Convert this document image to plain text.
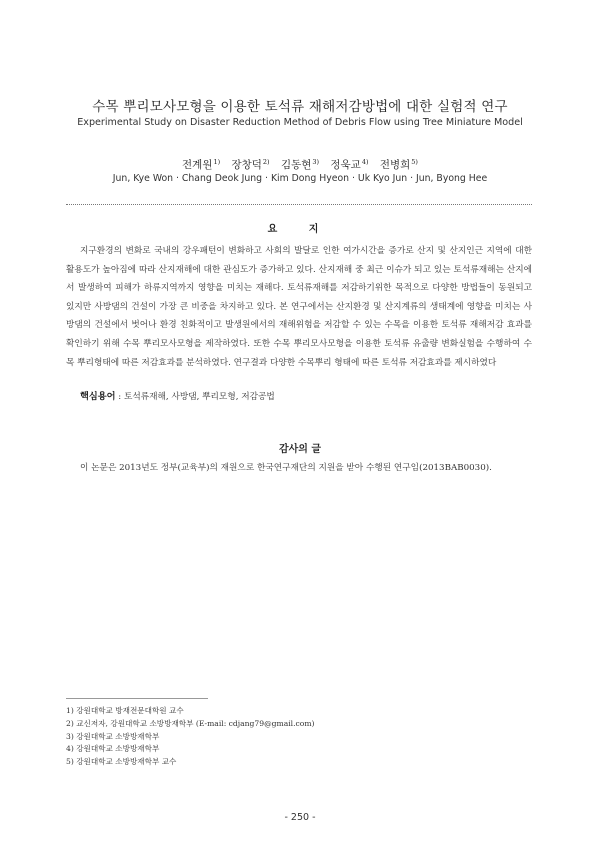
수목 뿌리모사모형을 이용한 토석류 재해저감방법에 대한 실험적 연구
Experimental Study on Disaster Reduction Method of Debris Flow using Tree Miniature Model
전계원$^{1)}$ 장창덕$^{2)}$ 김동현$^{3)}$ 정욱교$^{4)}$ 전병희$^{5)}$
Jun, Kye Won · Chang Deok Jung · Kim Dong Hyeon · Uk Kyo Jun · Jun, Byong Hee
요 지
지구환경의 변화로 국내의 강우패턴이 변화하고 사회의 발달로 인한 여가시간을 증가로 산지 및 산지인근 지역에 대한 활용도가 높아짐에 따라 산지재해에 대한 관심도가 증가하고 있다. 산지재해 중 최근 이슈가 되고 있는 토석류재해는 산지에서 발생하여 피해가 하류지역까지 영향을 미치는 재해다. 토석류재해를 저감하기위한 목적으로 다양한 방법들이 동원되고 있지만 사방댐의 건설이 가장 큰 비중을 차지하고 있다. 본 연구에서는 산지환경 및 산지계류의 생태계에 영향을 미치는 사방댐의 건설에서 벗어나 환경 친화적이고 발생원에서의 재해위험을 저감할 수 있는 수목을 이용한 토석류 재해저감 효과를 확인하기 위해 수목 뿌리모사모형을 제작하였다. 또한 수목 뿌리모사모형을 이용한 토석류 유출량 변화실험을 수행하여 수목 뿌리형태에 따른 저감효과를 분석하였다. 연구결과 다양한 수목뿌리 형태에 따른 토석류 저감효과를 제시하였다
핵심용어 : 토석류재해, 사방댐, 뿌리모형, 저감공법
감사의 글
이 논문은 2013년도 정부(교육부)의 재원으로 한국연구재단의 지원을 받아 수행된 연구임(2013BAB0030).
1) 강원대학교 방재전문대학원 교수
2) 교신저자, 강원대학교 소방방재학부 (E-mail: cdjang79@gmail.com)
3) 강원대학교 소방방재학부
4) 강원대학교 소방방재학부
5) 강원대학교 소방방재학부 교수
- 250 -
